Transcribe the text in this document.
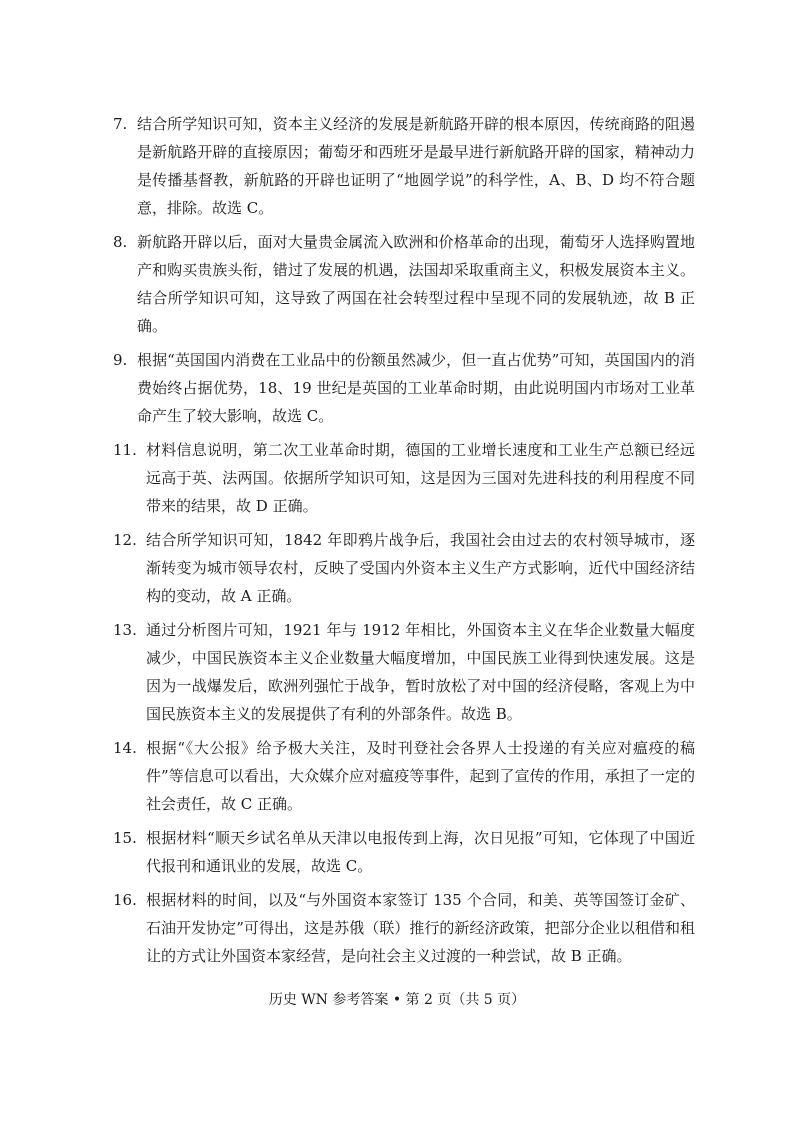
7. 结合所学知识可知，资本主义经济的发展是新航路开辟的根本原因，传统商路的阻遏是新航路开辟的直接原因；葡萄牙和西班牙是最早进行新航路开辟的国家，精神动力是传播基督教，新航路的开辟也证明了“地圆学说”的科学性，A、B、D 均不符合题意，排除。故选 C。
8. 新航路开辟以后，面对大量贵金属流入欧洲和价格革命的出现，葡萄牙人选择购置地产和购买贵族头衔，错过了发展的机遇，法国却采取重商主义，积极发展资本主义。结合所学知识可知，这导致了两国在社会转型过程中呈现不同的发展轨迹，故 B 正确。
9. 根据“英国国内消费在工业品中的份额虽然减少，但一直占优势”可知，英国国内的消费始终占据优势，18、19 世纪是英国的工业革命时期，由此说明国内市场对工业革命产生了较大影响，故选 C。
11. 材料信息说明，第二次工业革命时期，德国的工业增长速度和工业生产总额已经远远高于英、法两国。依据所学知识可知，这是因为三国对先进科技的利用程度不同带来的结果，故 D 正确。
12. 结合所学知识可知，1842 年即鸦片战争后，我国社会由过去的农村领导城市，逐渐转变为城市领导农村，反映了受国内外资本主义生产方式影响，近代中国经济结构的变动，故 A 正确。
13. 通过分析图片可知，1921 年与 1912 年相比，外国资本主义在华企业数量大幅度减少，中国民族资本主义企业数量大幅度增加，中国民族工业得到快速发展。这是因为一战爆发后，欧洲列强忙于战争，暂时放松了对中国的经济侵略，客观上为中国民族资本主义的发展提供了有利的外部条件。故选 B。
14. 根据“《大公报》给予极大关注，及时刊登社会各界人士投递的有关应对瘟疫的稿件”等信息可以看出，大众媒介应对瘟疫等事件，起到了宣传的作用，承担了一定的社会责任，故 C 正确。
15. 根据材料“顺天乡试名单从天津以电报传到上海，次日见报”可知，它体现了中国近代报刊和通讯业的发展，故选 C。
16. 根据材料的时间，以及“与外国资本家签订 135 个合同，和美、英等国签订金矿、石油开发协定”可得出，这是苏俄（联）推行的新经济政策，把部分企业以租借和租让的方式让外国资本家经营，是向社会主义过渡的一种尝试，故 B 正确。
历史 WN 参考答案 • 第 2 页（共 5 页）
